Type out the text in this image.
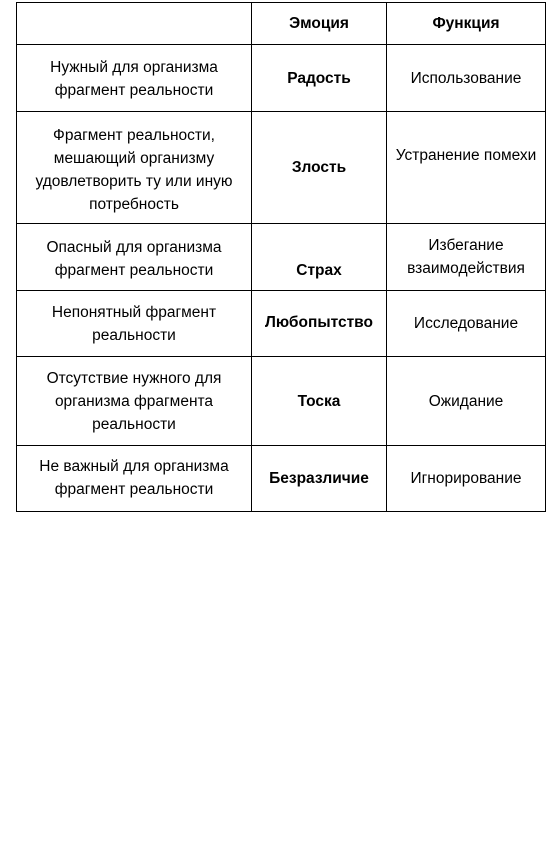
	Эмоция	Функция
Нужный для организма фрагмент реальности	Радость	Использование
Фрагмент реальности, мешающий организму удовлетворить ту или иную потребность	Злость	Устранение помехи
Опасный для организма фрагмент реальности	Страх	Избегание взаимодействия
Непонятный фрагмент реальности	Любопытство	Исследование
Отсутствие нужного для организма фрагмента реальности	Тоска	Ожидание
Не важный для организма фрагмент реальности	Безразличие	Игнорирование
